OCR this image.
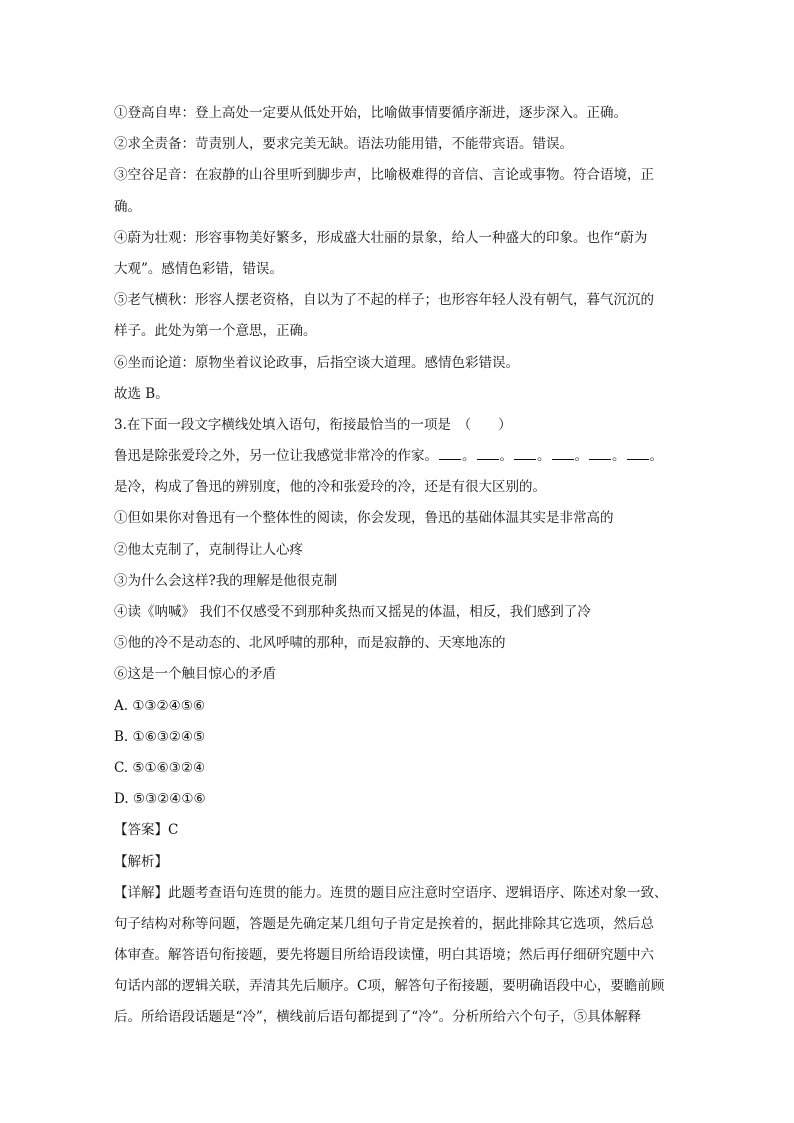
①登高自卑：登上高处一定要从低处开始，比喻做事情要循序渐进，逐步深入。正确。
②求全责备：苛责别人，要求完美无缺。语法功能用错，不能带宾语。错误。
③空谷足音：在寂静的山谷里听到脚步声，比喻极难得的音信、言论或事物。符合语境，正
确。
④蔚为壮观：形容事物美好繁多，形成盛大壮丽的景象，给人一种盛大的印象。也作“蔚为
大观”。感情色彩错，错误。
⑤老气横秋：形容人摆老资格，自以为了不起的样子；也形容年轻人没有朝气，暮气沉沉的
样子。此处为第一个意思，正确。
⑥坐而论道：原物坐着议论政事，后指空谈大道理。感情色彩错误。
故选 B。
3.在下面一段文字横线处填入语句，衔接最恰当的一项是　（　　）
鲁迅是除张爱玲之外，另一位让我感觉非常冷的作家。 。 。 。 。 。 。
是冷，构成了鲁迅的辨别度，他的冷和张爱玲的冷，还是有很大区别的。
①但如果你对鲁迅有一个整体性的阅读，你会发现，鲁迅的基础体温其实是非常高的
②他太克制了，克制得让人心疼
③为什么会这样?我的理解是他很克制
④读《呐喊》 我们不仅感受不到那种炙热而又摇晃的体温，相反，我们感到了冷
⑤他的冷不是动态的、北风呼啸的那种，而是寂静的、天寒地冻的
⑥这是一个触目惊心的矛盾
A. ①③②④⑤⑥
B. ①⑥③②④⑤
C. ⑤①⑥③②④
D. ⑤③②④①⑥
【答案】C
【解析】
【详解】此题考查语句连贯的能力。连贯的题目应注意时空语序、逻辑语序、陈述对象一致、
句子结构对称等问题，答题是先确定某几组句子肯定是挨着的，据此排除其它选项，然后总
体审查。解答语句衔接题，要先将题目所给语段读懂，明白其语境；然后再仔细研究题中六
句话内部的逻辑关联，弄清其先后顺序。C项，解答句子衔接题，要明确语段中心，要瞻前顾
后。所给语段话题是“冷”，横线前后语句都提到了“冷”。分析所给六个句子，⑤具体解释
